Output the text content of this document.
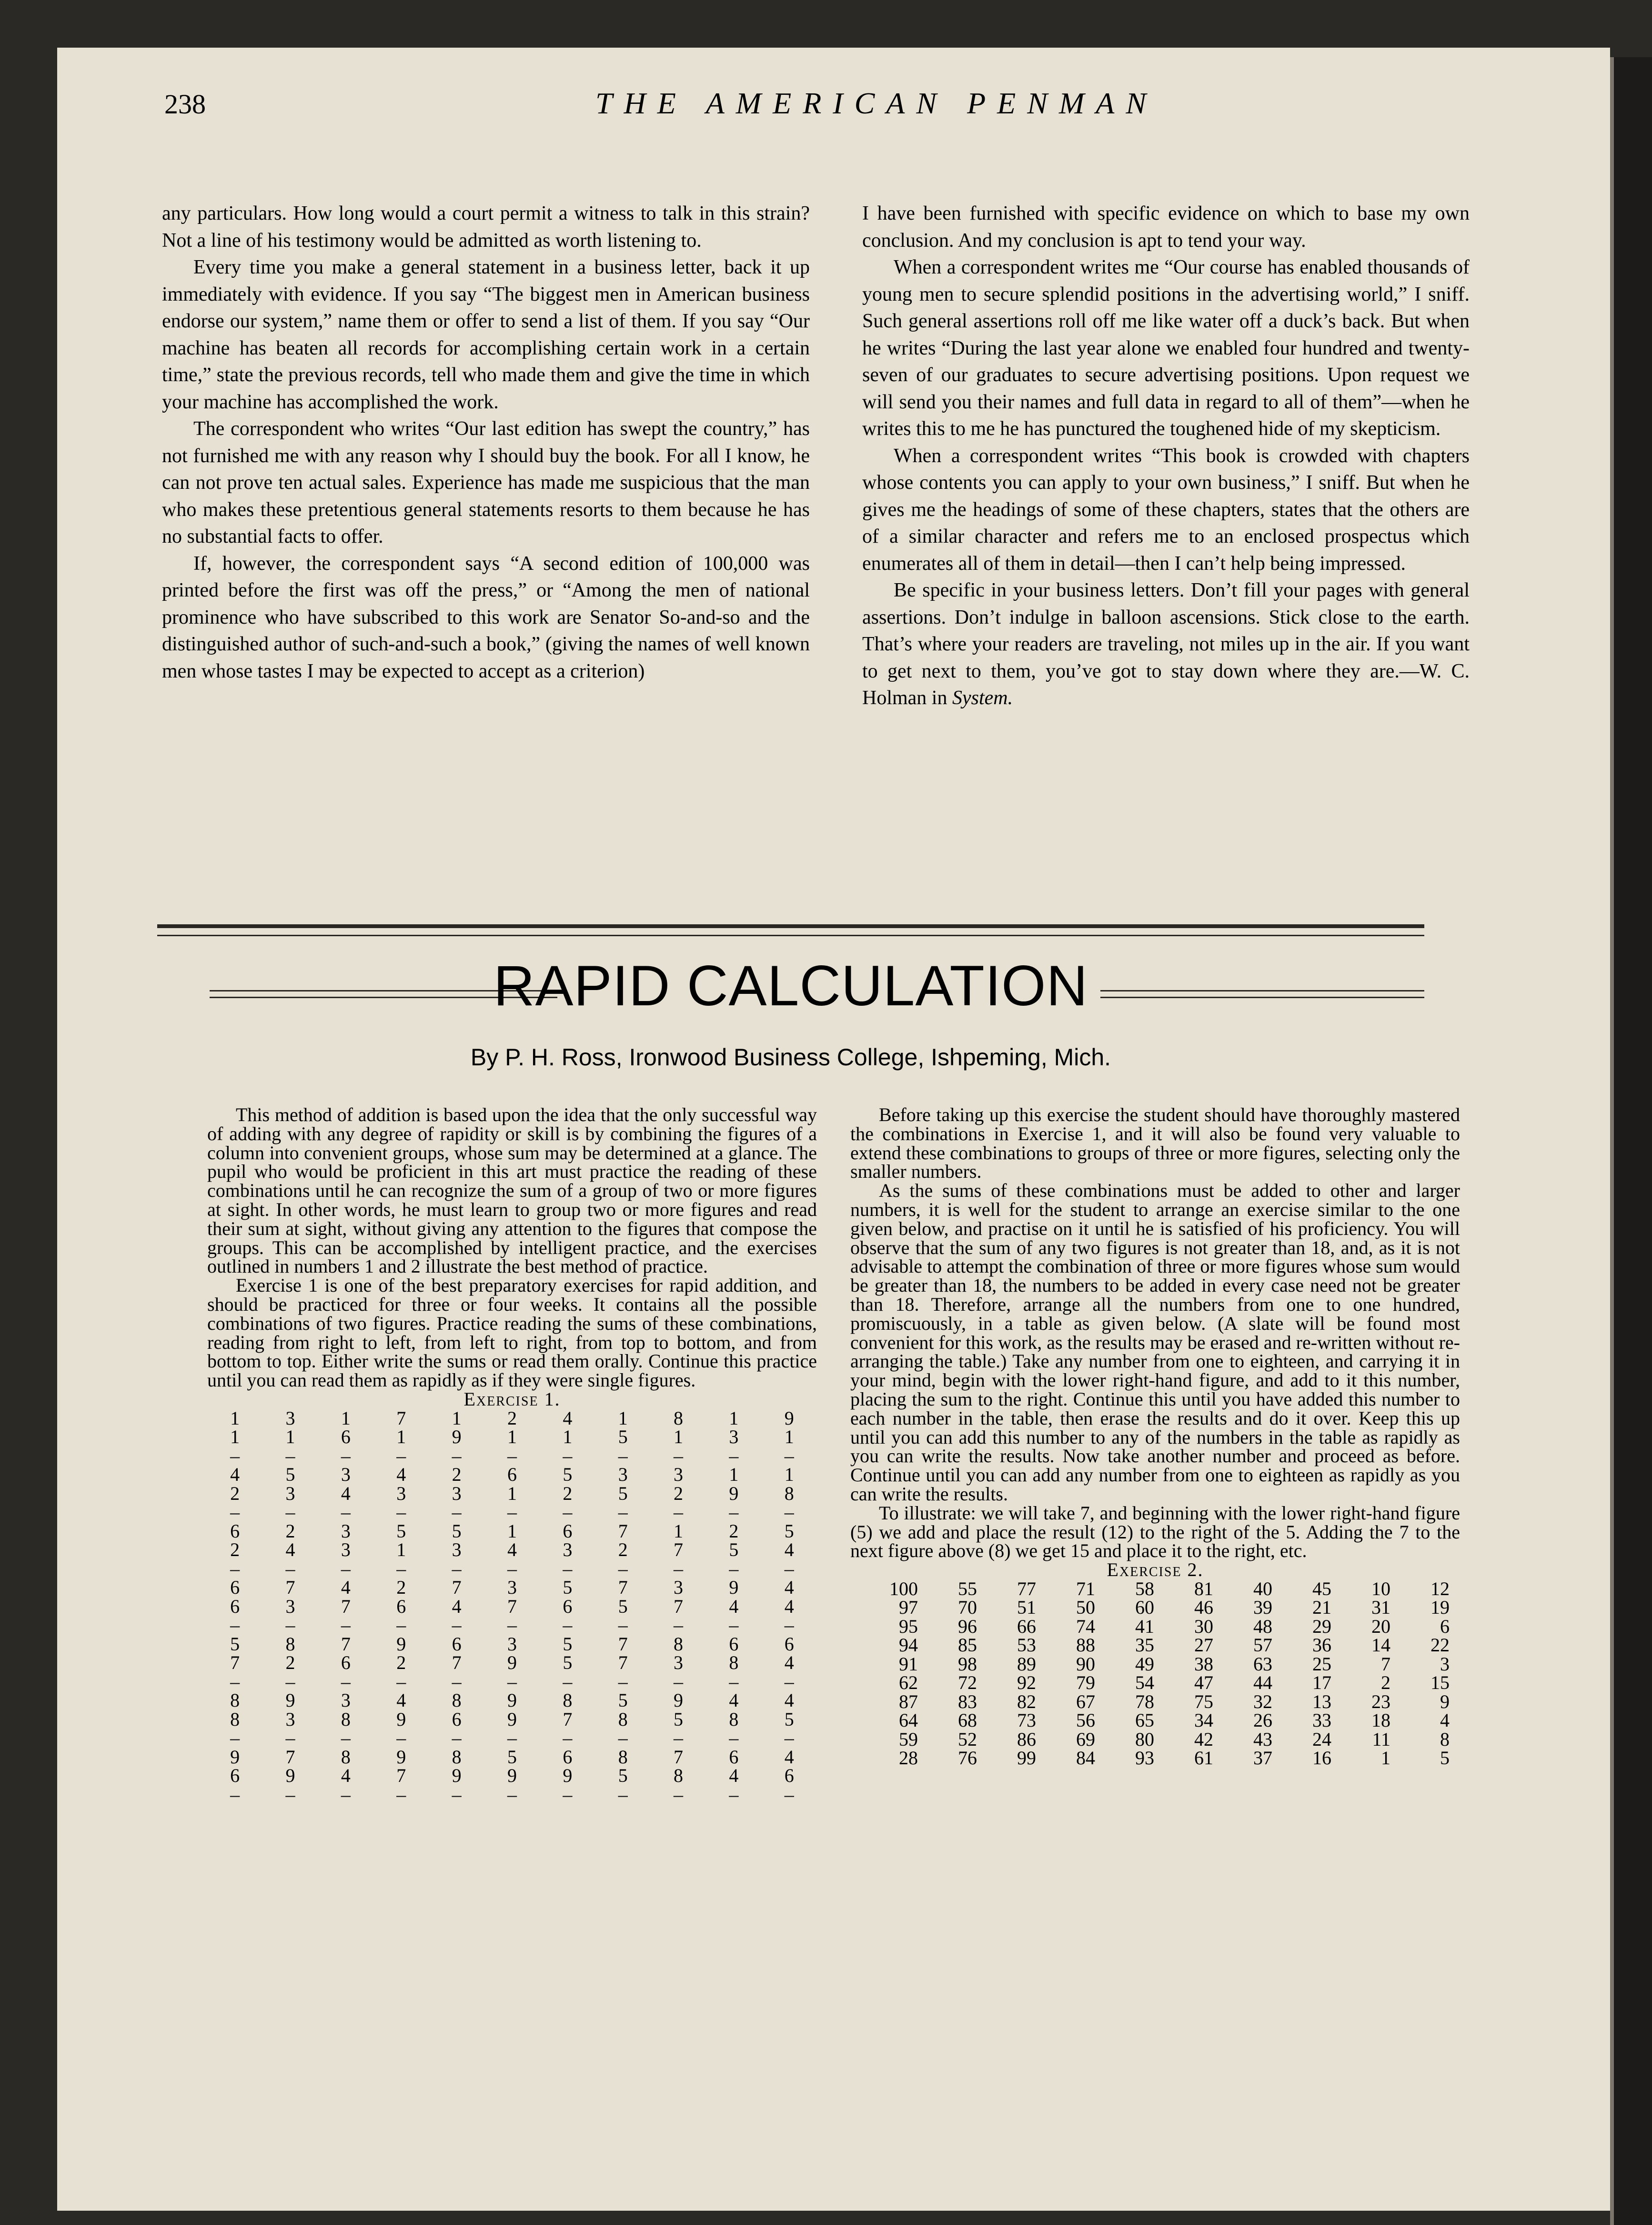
238	THE AMERICAN PENMAN

any particulars. How long would a court permit a witness to talk in this strain? Not a line of his testimony would be admitted as worth listening to.

Every time you make a general statement in a business letter, back it up immediately with evidence. If you say “The biggest men in American business endorse our system,” name them or offer to send a list of them. If you say “Our machine has beaten all records for accomplishing certain work in a certain time,” state the previous records, tell who made them and give the time in which your machine has accomplished the work.

The correspondent who writes “Our last edition has swept the country,” has not furnished me with any reason why I should buy the book. For all I know, he can not prove ten actual sales. Experience has made me suspicious that the man who makes these pretentious general statements resorts to them because he has no substantial facts to offer.

If, however, the correspondent says “A second edition of 100,000 was printed before the first was off the press,” or “Among the men of national prominence who have subscribed to this work are Senator So-and-so and the distinguished author of such-and-such a book,” (giving the names of well known men whose tastes I may be expected to accept as a criterion)

I have been furnished with specific evidence on which to base my own conclusion. And my conclusion is apt to tend your way.

When a correspondent writes me “Our course has enabled thousands of young men to secure splendid positions in the advertising world,” I sniff. Such general assertions roll off me like water off a duck’s back. But when he writes “During the last year alone we enabled four hundred and twenty-seven of our graduates to secure advertising positions. Upon request we will send you their names and full data in regard to all of them”—when he writes this to me he has punctured the toughened hide of my skepticism.

When a correspondent writes “This book is crowded with chapters whose contents you can apply to your own business,” I sniff. But when he gives me the headings of some of these chapters, states that the others are of a similar character and refers me to an enclosed prospectus which enumerates all of them in detail—then I can’t help being impressed.

Be specific in your business letters. Don’t fill your pages with general assertions. Don’t indulge in balloon ascensions. Stick close to the earth. That’s where your readers are traveling, not miles up in the air. If you want to get next to them, you’ve got to stay down where they are.—W. C. Holman in System.

RAPID CALCULATION
By P. H. Ross, Ironwood Business College, Ishpeming, Mich.

This method of addition is based upon the idea that the only successful way of adding with any degree of rapidity or skill is by combining the figures of a column into convenient groups, whose sum may be determined at a glance. The pupil who would be proficient in this art must practice the reading of these combinations until he can recognize the sum of a group of two or more figures at sight. In other words, he must learn to group two or more figures and read their sum at sight, without giving any attention to the figures that compose the groups. This can be accomplished by intelligent practice, and the exercises outlined in numbers 1 and 2 illustrate the best method of practice.

Exercise 1 is one of the best preparatory exercises for rapid addition, and should be practiced for three or four weeks. It contains all the possible combinations of two figures. Practice reading the sums of these combinations, reading from right to left, from left to right, from top to bottom, and from bottom to top. Either write the sums or read them orally. Continue this practice until you can read them as rapidly as if they were single figures.

Exercise 1.
1	3	1	7	1	2	4	1	8	1	9
1	1	6	1	9	1	1	5	1	3	1
–	–	–	–	–	–	–	–	–	–	–
4	5	3	4	2	6	5	3	3	1	1
2	3	4	3	3	1	2	5	2	9	8
–	–	–	–	–	–	–	–	–	–	–
6	2	3	5	5	1	6	7	1	2	5
2	4	3	1	3	4	3	2	7	5	4
–	–	–	–	–	–	–	–	–	–	–
6	7	4	2	7	3	5	7	3	9	4
6	3	7	6	4	7	6	5	7	4	4
–	–	–	–	–	–	–	–	–	–	–
5	8	7	9	6	3	5	7	8	6	6
7	2	6	2	7	9	5	7	3	8	4
–	–	–	–	–	–	–	–	–	–	–
8	9	3	4	8	9	8	5	9	4	4
8	3	8	9	6	9	7	8	5	8	5
–	–	–	–	–	–	–	–	–	–	–
9	7	8	9	8	5	6	8	7	6	4
6	9	4	7	9	9	9	5	8	4	6
–	–	–	–	–	–	–	–	–	–	–

Before taking up this exercise the student should have thoroughly mastered the combinations in Exercise 1, and it will also be found very valuable to extend these combinations to groups of three or more figures, selecting only the smaller numbers.

As the sums of these combinations must be added to other and larger numbers, it is well for the student to arrange an exercise similar to the one given below, and practise on it until he is satisfied of his proficiency. You will observe that the sum of any two figures is not greater than 18, and, as it is not advisable to attempt the combination of three or more figures whose sum would be greater than 18, the numbers to be added in every case need not be greater than 18. Therefore, arrange all the numbers from one to one hundred, promiscuously, in a table as given below. (A slate will be found most convenient for this work, as the results may be erased and re-written without re-arranging the table.) Take any number from one to eighteen, and carrying it in your mind, begin with the lower right-hand figure, and add to it this number, placing the sum to the right. Continue this until you have added this number to each number in the table, then erase the results and do it over. Keep this up until you can add this number to any of the numbers in the table as rapidly as you can write the results. Now take another number and proceed as before. Continue until you can add any number from one to eighteen as rapidly as you can write the results.

To illustrate: we will take 7, and beginning with the lower right-hand figure (5) we add and place the result (12) to the right of the 5. Adding the 7 to the next figure above (8) we get 15 and place it to the right, etc.

Exercise 2.
100	55	77	71	58	81	40	45	10	12
97	70	51	50	60	46	39	21	31	19
95	96	66	74	41	30	48	29	20	6
94	85	53	88	35	27	57	36	14	22
91	98	89	90	49	38	63	25	7	3
62	72	92	79	54	47	44	17	2	15
87	83	82	67	78	75	32	13	23	9
64	68	73	56	65	34	26	33	18	4
59	52	86	69	80	42	43	24	11	8
28	76	99	84	93	61	37	16	1	5
